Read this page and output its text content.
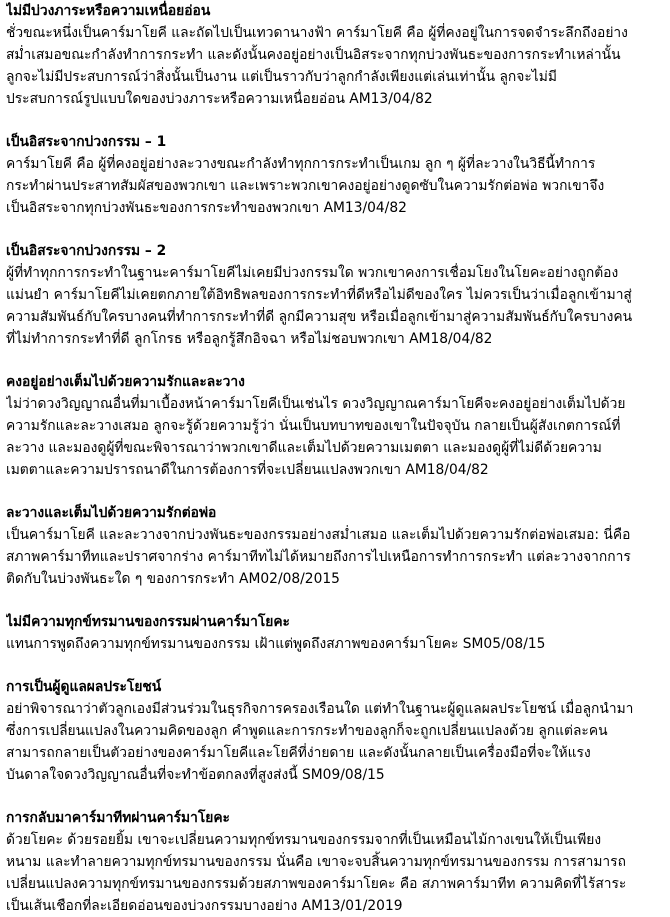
ไม่มีบ่วงภาระหรือความเหนื่อยอ่อน
ชั่วขณะหนึ่งเป็นคาร์มาโยคี และถัดไปเป็นเทวดานางฟ้า คาร์มาโยคี คือ ผู้ที่คงอยู่ในการจดจำระลึกถึงอย่าง
สม่ำเสมอขณะกำลังทำการกระทำ และดังนั้นคงอยู่อย่างเป็นอิสระจากทุกบ่วงพันธะของการกระทำเหล่านั้น
ลูกจะไม่มีประสบการณ์ว่าสิ่งนั้นเป็นงาน แต่เป็นราวกับว่าลูกกำลังเพียงแต่เล่นเท่านั้น ลูกจะไม่มี
ประสบการณ์รูปแบบใดของบ่วงภาระหรือความเหนื่อยอ่อน AM13/04/82
เป็นอิสระจากบ่วงกรรม – 1
คาร์มาโยคี คือ ผู้ที่คงอยู่อย่างละวางขณะกำลังทำทุกการกระทำเป็นเกม ลูก ๆ ผู้ที่ละวางในวิธีนี้ทำการ
กระทำผ่านประสาทสัมผัสของพวกเขา และเพราะพวกเขาคงอยู่อย่างดูดซับในความรักต่อพ่อ พวกเขาจึง
เป็นอิสระจากทุกบ่วงพันธะของการกระทำของพวกเขา AM13/04/82
เป็นอิสระจากบ่วงกรรม – 2
ผู้ที่ทำทุกการกระทำในฐานะคาร์มาโยคีไม่เคยมีบ่วงกรรมใด พวกเขาคงการเชื่อมโยงในโยคะอย่างถูกต้อง
แม่นยำ คาร์มาโยคีไม่เคยตกภายใต้อิทธิพลของการกระทำที่ดีหรือไม่ดีของใคร ไม่ควรเป็นว่าเมื่อลูกเข้ามาสู่
ความสัมพันธ์กับใครบางคนที่ทำการกระทำที่ดี ลูกมีความสุข หรือเมื่อลูกเข้ามาสู่ความสัมพันธ์กับใครบางคน
ที่ไม่ทำการกระทำที่ดี ลูกโกรธ หรือลูกรู้สึกอิจฉา หรือไม่ชอบพวกเขา AM18/04/82
คงอยู่อย่างเต็มไปด้วยความรักและละวาง
ไม่ว่าดวงวิญญาณอื่นที่มาเบื้องหน้าคาร์มาโยคีเป็นเช่นไร ดวงวิญญาณคาร์มาโยคีจะคงอยู่อย่างเต็มไปด้วย
ความรักและละวางเสมอ ลูกจะรู้ด้วยความรู้ว่า นั่นเป็นบทบาทของเขาในปัจจุบัน กลายเป็นผู้สังเกตการณ์ที่
ละวาง และมองดูผู้ที่ขณะพิจารณาว่าพวกเขาดีและเต็มไปด้วยความเมตตา และมองดูผู้ที่ไม่ดีด้วยความ
เมตตาและความปรารถนาดีในการต้องการที่จะเปลี่ยนแปลงพวกเขา AM18/04/82
ละวางและเต็มไปด้วยความรักต่อพ่อ
เป็นคาร์มาโยคี และละวางจากบ่วงพันธะของกรรมอย่างสม่ำเสมอ และเต็มไปด้วยความรักต่อพ่อเสมอ: นี่คือ
สภาพคาร์มาทีทและปราศจากร่าง คาร์มาทีทไม่ได้หมายถึงการไปเหนือการทำการกระทำ แต่ละวางจากการ
ติดกับในบ่วงพันธะใด ๆ ของการกระทำ AM02/08/2015
ไม่มีความทุกข์ทรมานของกรรมผ่านคาร์มาโยคะ
แทนการพูดถึงความทุกข์ทรมานของกรรม เฝ้าแต่พูดถึงสภาพของคาร์มาโยคะ SM05/08/15
การเป็นผู้ดูแลผลประโยชน์
อย่าพิจารณาว่าตัวลูกเองมีส่วนร่วมในธุรกิจการครองเรือนใด แต่ทำในฐานะผู้ดูแลผลประโยชน์ เมื่อลูกนำมา
ซึ่งการเปลี่ยนแปลงในความคิดของลูก คำพูดและการกระทำของลูกก็จะถูกเปลี่ยนแปลงด้วย ลูกแต่ละคน
สามารถกลายเป็นตัวอย่างของคาร์มาโยคีและโยคีที่ง่ายดาย และดังนั้นกลายเป็นเครื่องมือที่จะให้แรง
บันดาลใจดวงวิญญาณอื่นที่จะทำข้อตกลงที่สูงส่งนี้ SM09/08/15
การกลับมาคาร์มาทีทผ่านคาร์มาโยคะ
ด้วยโยคะ ด้วยรอยยิ้ม เขาจะเปลี่ยนความทุกข์ทรมานของกรรมจากที่เป็นเหมือนไม้กางเขนให้เป็นเพียง
หนาม และทำลายความทุกข์ทรมานของกรรม นั่นคือ เขาจะจบสิ้นความทุกข์ทรมานของกรรม การสามารถ
เปลี่ยนแปลงความทุกข์ทรมานของกรรมด้วยสภาพของคาร์มาโยคะ คือ สภาพคาร์มาทีท ความคิดที่ไร้สาระ
เป็นเส้นเชือกที่ละเอียดอ่อนของบ่วงกรรมบางอย่าง AM13/01/2019
